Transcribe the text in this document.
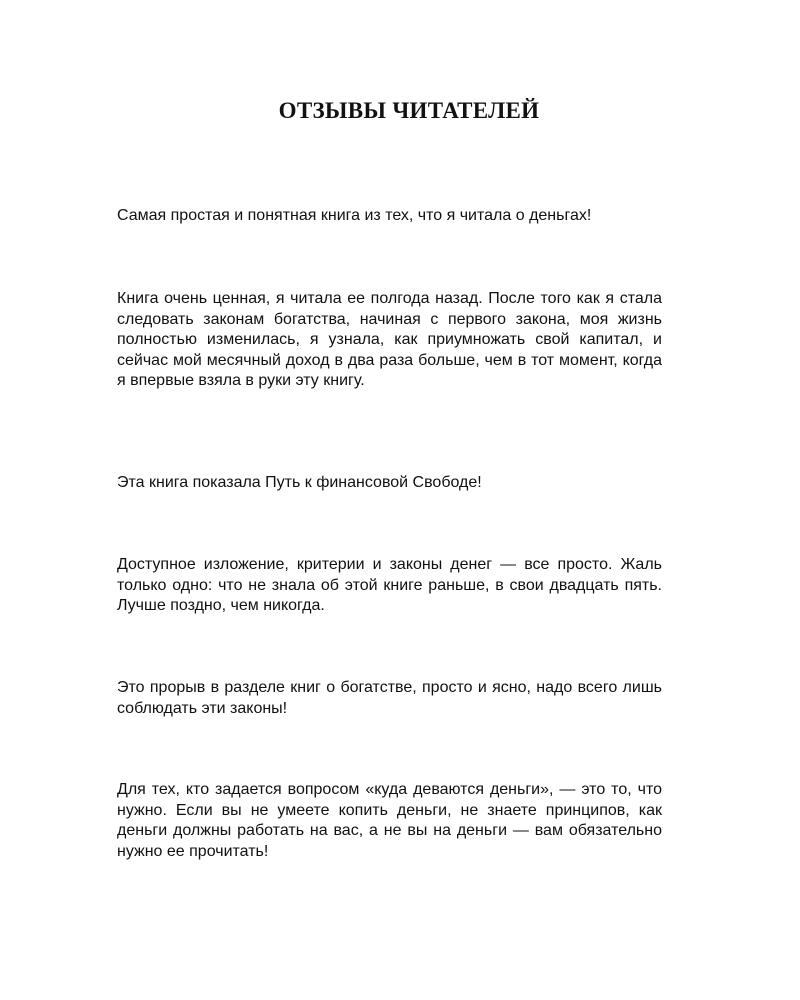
ОТЗЫВЫ ЧИТАТЕЛЕЙ

Самая простая и понятная книга из тех, что я читала о деньгах!

Книга очень ценная, я читала ее полгода назад. После того как я стала следовать законам богатства, начиная с первого закона, моя жизнь полностью изменилась, я узнала, как приумножать свой капитал, и сейчас мой месячный доход в два раза больше, чем в тот момент, когда я впервые взяла в руки эту книгу.

Эта книга показала Путь к финансовой Свободе!

Доступное изложение, критерии и законы денег — все просто. Жаль только одно: что не знала об этой книге раньше, в свои двадцать пять. Лучше поздно, чем никогда.

Это прорыв в разделе книг о богатстве, просто и ясно, надо всего лишь соблюдать эти законы!

Для тех, кто задается вопросом «куда деваются деньги», — это то, что нужно. Если вы не умеете копить деньги, не знаете принципов, как деньги должны работать на вас, а не вы на деньги — вам обязательно нужно ее прочитать!
